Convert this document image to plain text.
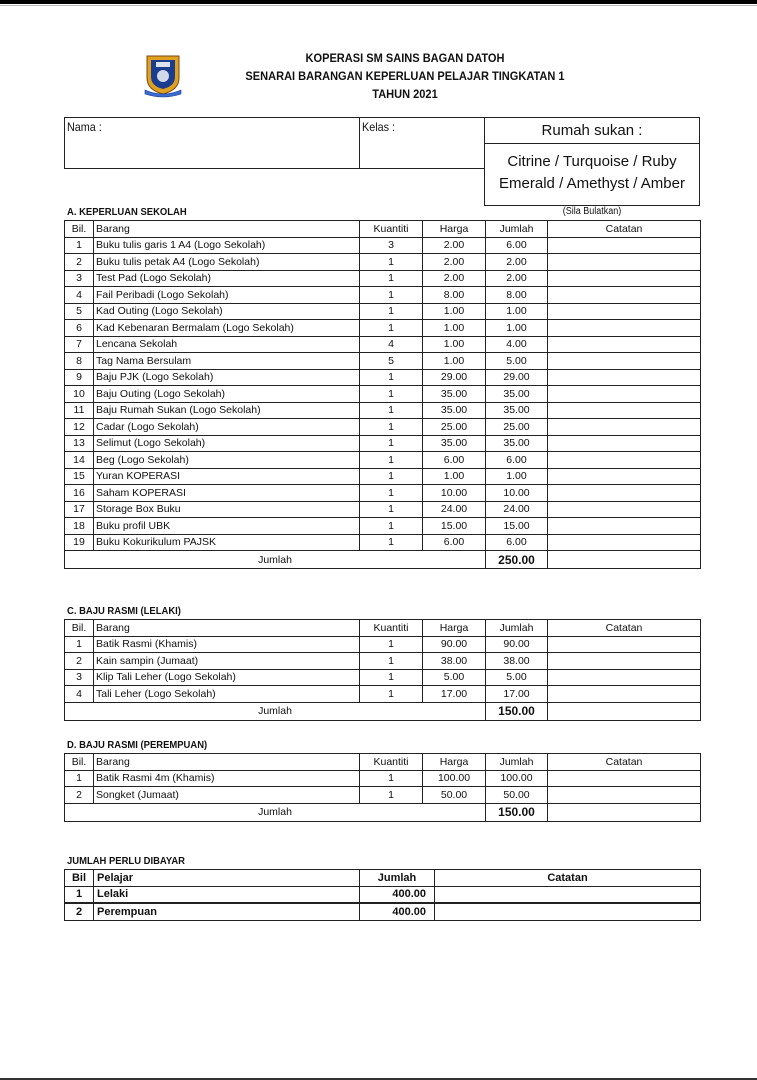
KOPERASI SM SAINS BAGAN DATOH
SENARAI BARANGAN KEPERLUAN PELAJAR TINGKATAN 1
TAHUN 2021
Nama :	Kelas :	Rumah sukan :
Citrine / Turquoise / Ruby
Emerald / Amethyst / Amber
(Sila Bulatkan)
A. KEPERLUAN SEKOLAH
Bil.	Barang	Kuantiti	Harga	Jumlah	Catatan
1	Buku tulis garis 1 A4 (Logo Sekolah)	3	2.00	6.00	
2	Buku tulis petak A4 (Logo Sekolah)	1	2.00	2.00	
3	Test Pad (Logo Sekolah)	1	2.00	2.00	
4	Fail Peribadi (Logo Sekolah)	1	8.00	8.00	
5	Kad Outing (Logo Sekolah)	1	1.00	1.00	
6	Kad Kebenaran Bermalam (Logo Sekolah)	1	1.00	1.00	
7	Lencana Sekolah	4	1.00	4.00	
8	Tag Nama Bersulam	5	1.00	5.00	
9	Baju PJK (Logo Sekolah)	1	29.00	29.00	
10	Baju Outing (Logo Sekolah)	1	35.00	35.00	
11	Baju Rumah Sukan (Logo Sekolah)	1	35.00	35.00	
12	Cadar (Logo Sekolah)	1	25.00	25.00	
13	Selimut (Logo Sekolah)	1	35.00	35.00	
14	Beg (Logo Sekolah)	1	6.00	6.00	
15	Yuran KOPERASI	1	1.00	1.00	
16	Saham KOPERASI	1	10.00	10.00	
17	Storage Box Buku	1	24.00	24.00	
18	Buku profil UBK	1	15.00	15.00	
19	Buku Kokurikulum PAJSK	1	6.00	6.00	
Jumlah				250.00	
C. BAJU RASMI (LELAKI)
Bil.	Barang	Kuantiti	Harga	Jumlah	Catatan
1	Batik Rasmi (Khamis)	1	90.00	90.00	
2	Kain sampin (Jumaat)	1	38.00	38.00	
3	Klip Tali Leher (Logo Sekolah)	1	5.00	5.00	
4	Tali Leher (Logo Sekolah)	1	17.00	17.00	
Jumlah				150.00	
D. BAJU RASMI (PEREMPUAN)
Bil.	Barang	Kuantiti	Harga	Jumlah	Catatan
1	Batik Rasmi 4m (Khamis)	1	100.00	100.00	
2	Songket (Jumaat)	1	50.00	50.00	
Jumlah				150.00	
JUMLAH PERLU DIBAYAR
Bil	Pelajar	Jumlah	Catatan
1	Lelaki	400.00	
2	Perempuan	400.00	
